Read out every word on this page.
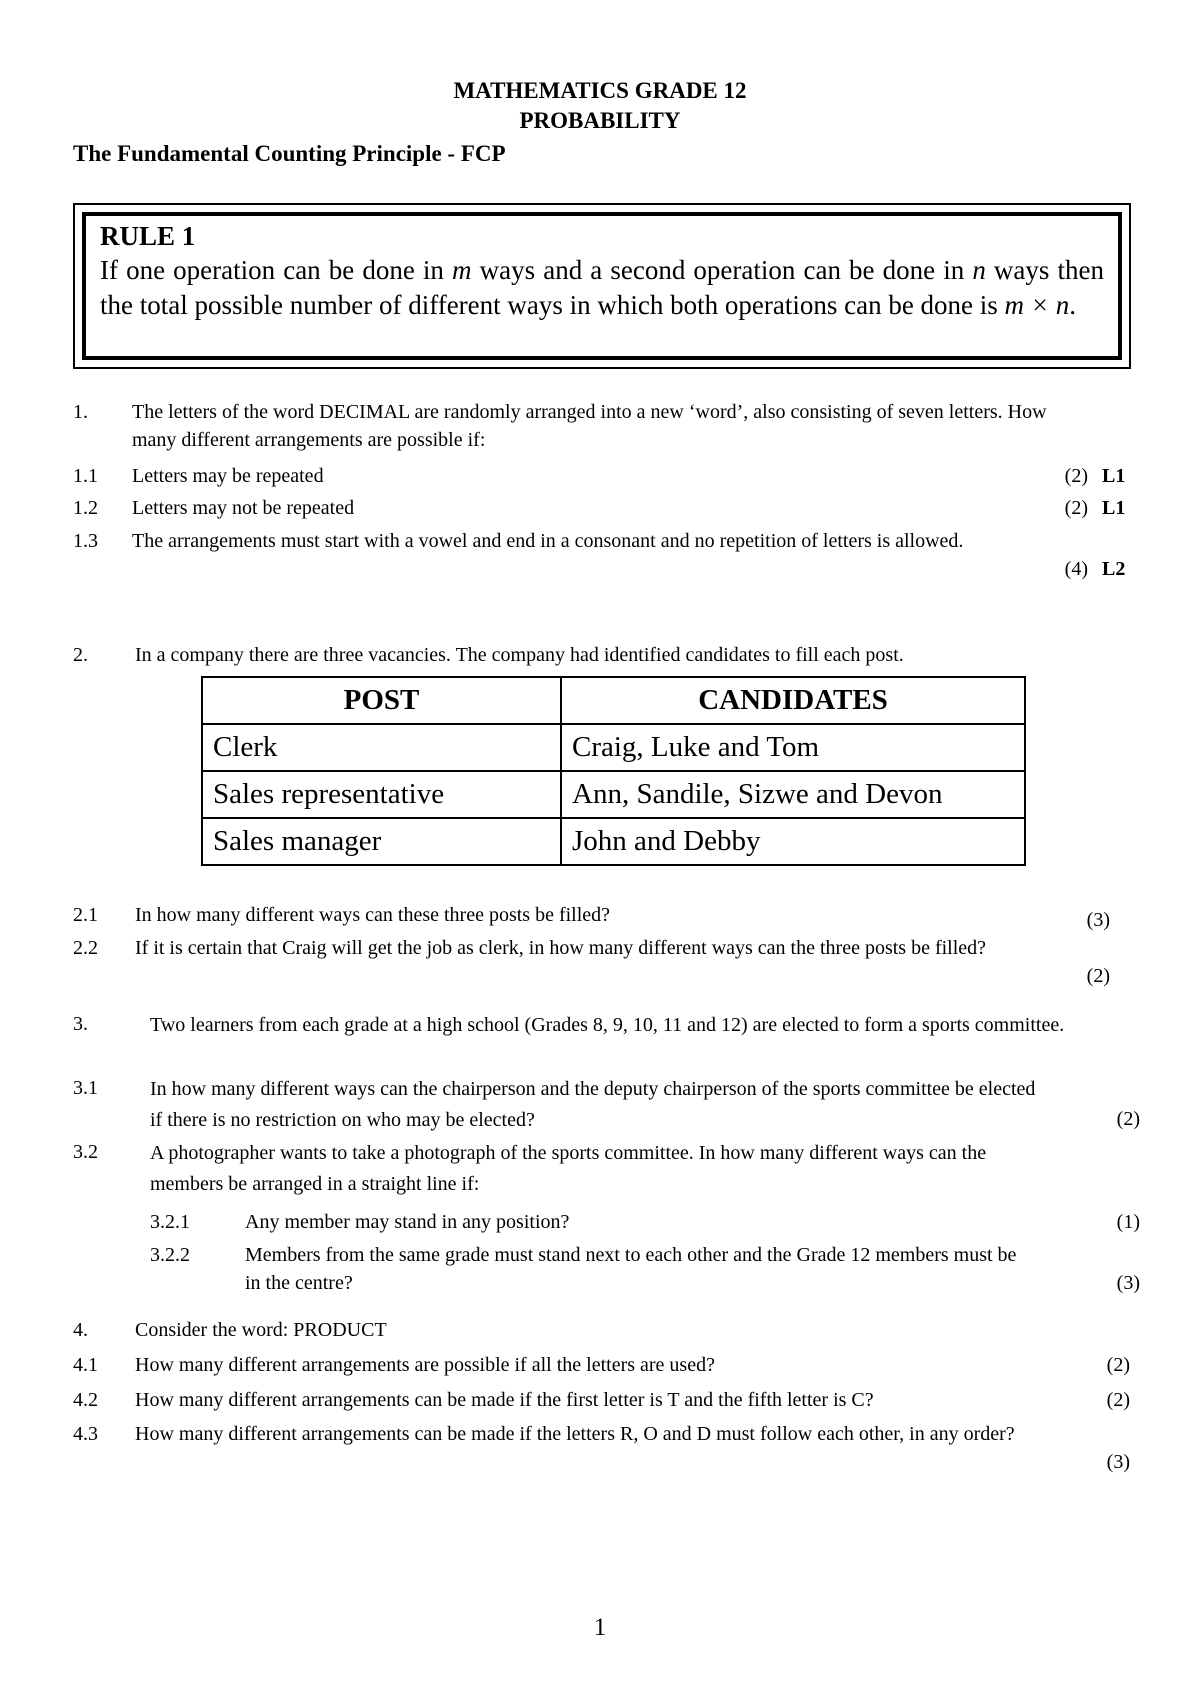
MATHEMATICS GRADE 12
PROBABILITY
The Fundamental Counting Principle - FCP
RULE 1
If one operation can be done in m ways and a second operation can be done in n ways then the total possible number of different ways in which both operations can be done is m × n.
1. The letters of the word DECIMAL are randomly arranged into a new ‘word’, also consisting of seven letters. How many different arrangements are possible if:
1.1 Letters may be repeated	(2) L1
1.2 Letters may not be repeated	(2) L1
1.3 The arrangements must start with a vowel and end in a consonant and no repetition of letters is allowed.
(4) L2
2. In a company there are three vacancies. The company had identified candidates to fill each post.
POST	CANDIDATES
Clerk	Craig, Luke and Tom
Sales representative	Ann, Sandile, Sizwe and Devon
Sales manager	John and Debby
2.1 In how many different ways can these three posts be filled?	(3)
2.2 If it is certain that Craig will get the job as clerk, in how many different ways can the three posts be filled?
(2)
3.	Two learners from each grade at a high school (Grades 8, 9, 10, 11 and 12) are elected to form a sports committee.
3.1	In how many different ways can the chairperson and the deputy chairperson of the sports committee be elected if there is no restriction on who may be elected?	(2)
3.2	A photographer wants to take a photograph of the sports committee. In how many different ways can the members be arranged in a straight line if:
3.2.1	Any member may stand in any position?	(1)
3.2.2	Members from the same grade must stand next to each other and the Grade 12 members must be in the centre?	(3)
4. Consider the word: PRODUCT
4.1 How many different arrangements are possible if all the letters are used?	(2)
4.2 How many different arrangements can be made if the first letter is T and the fifth letter is C?	(2)
4.3 How many different arrangements can be made if the letters R, O and D must follow each other, in any order?
(3)
1
